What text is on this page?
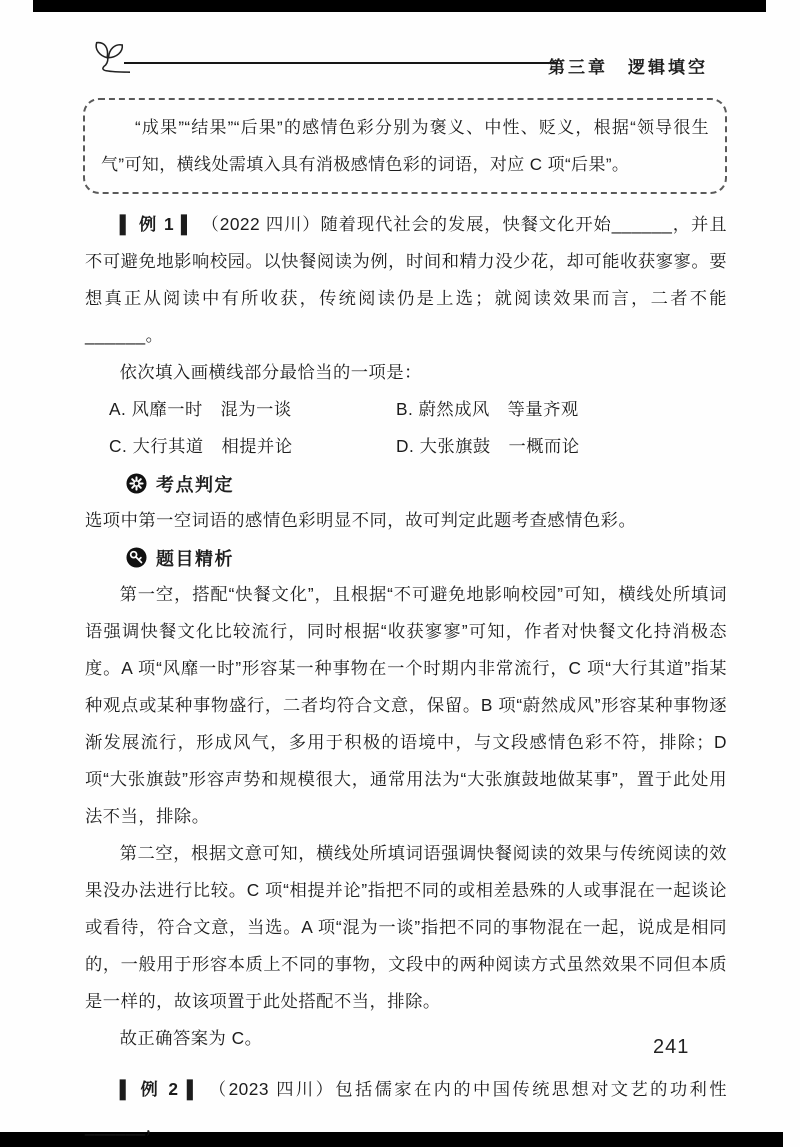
第三章　逻辑填空

“成果”“结果”“后果”的感情色彩分别为褒义、中性、贬义，根据“领导很生气”可知，横线处需填入具有消极感情色彩的词语，对应 C 项“后果”。

▌ 例 1 ▌ （2022 四川）随着现代社会的发展，快餐文化开始______，并且不可避免地影响校园。以快餐阅读为例，时间和精力没少花，却可能收获寥寥。要想真正从阅读中有所收获，传统阅读仍是上选；就阅读效果而言，二者不能______。

依次填入画横线部分最恰当的一项是：

A. 风靡一时　混为一谈	B. 蔚然成风　等量齐观
C. 大行其道　相提并论	D. 大张旗鼓　一概而论
考点判定

选项中第一空词语的感情色彩明显不同，故可判定此题考查感情色彩。

题目精析

第一空，搭配“快餐文化”，且根据“不可避免地影响校园”可知，横线处所填词语强调快餐文化比较流行，同时根据“收获寥寥”可知，作者对快餐文化持消极态度。A 项“风靡一时”形容某一种事物在一个时期内非常流行，C 项“大行其道”指某种观点或某种事物盛行，二者均符合文意，保留。B 项“蔚然成风”形容某种事物逐渐发展流行，形成风气，多用于积极的语境中，与文段感情色彩不符，排除；D 项“大张旗鼓”形容声势和规模很大，通常用法为“大张旗鼓地做某事”，置于此处用法不当，排除。

第二空，根据文意可知，横线处所填词语强调快餐阅读的效果与传统阅读的效果没办法进行比较。C 项“相提并论”指把不同的或相差悬殊的人或事混在一起谈论或看待，符合文意，当选。A 项“混为一谈”指把不同的事物混在一起，说成是相同的，一般用于形容本质上不同的事物，文段中的两种阅读方式虽然效果不同但本质是一样的，故该项置于此处搭配不当，排除。

故正确答案为 C。

▌ 例 2 ▌ （2023 四川）包括儒家在内的中国传统思想对文艺的功利性______，

241
